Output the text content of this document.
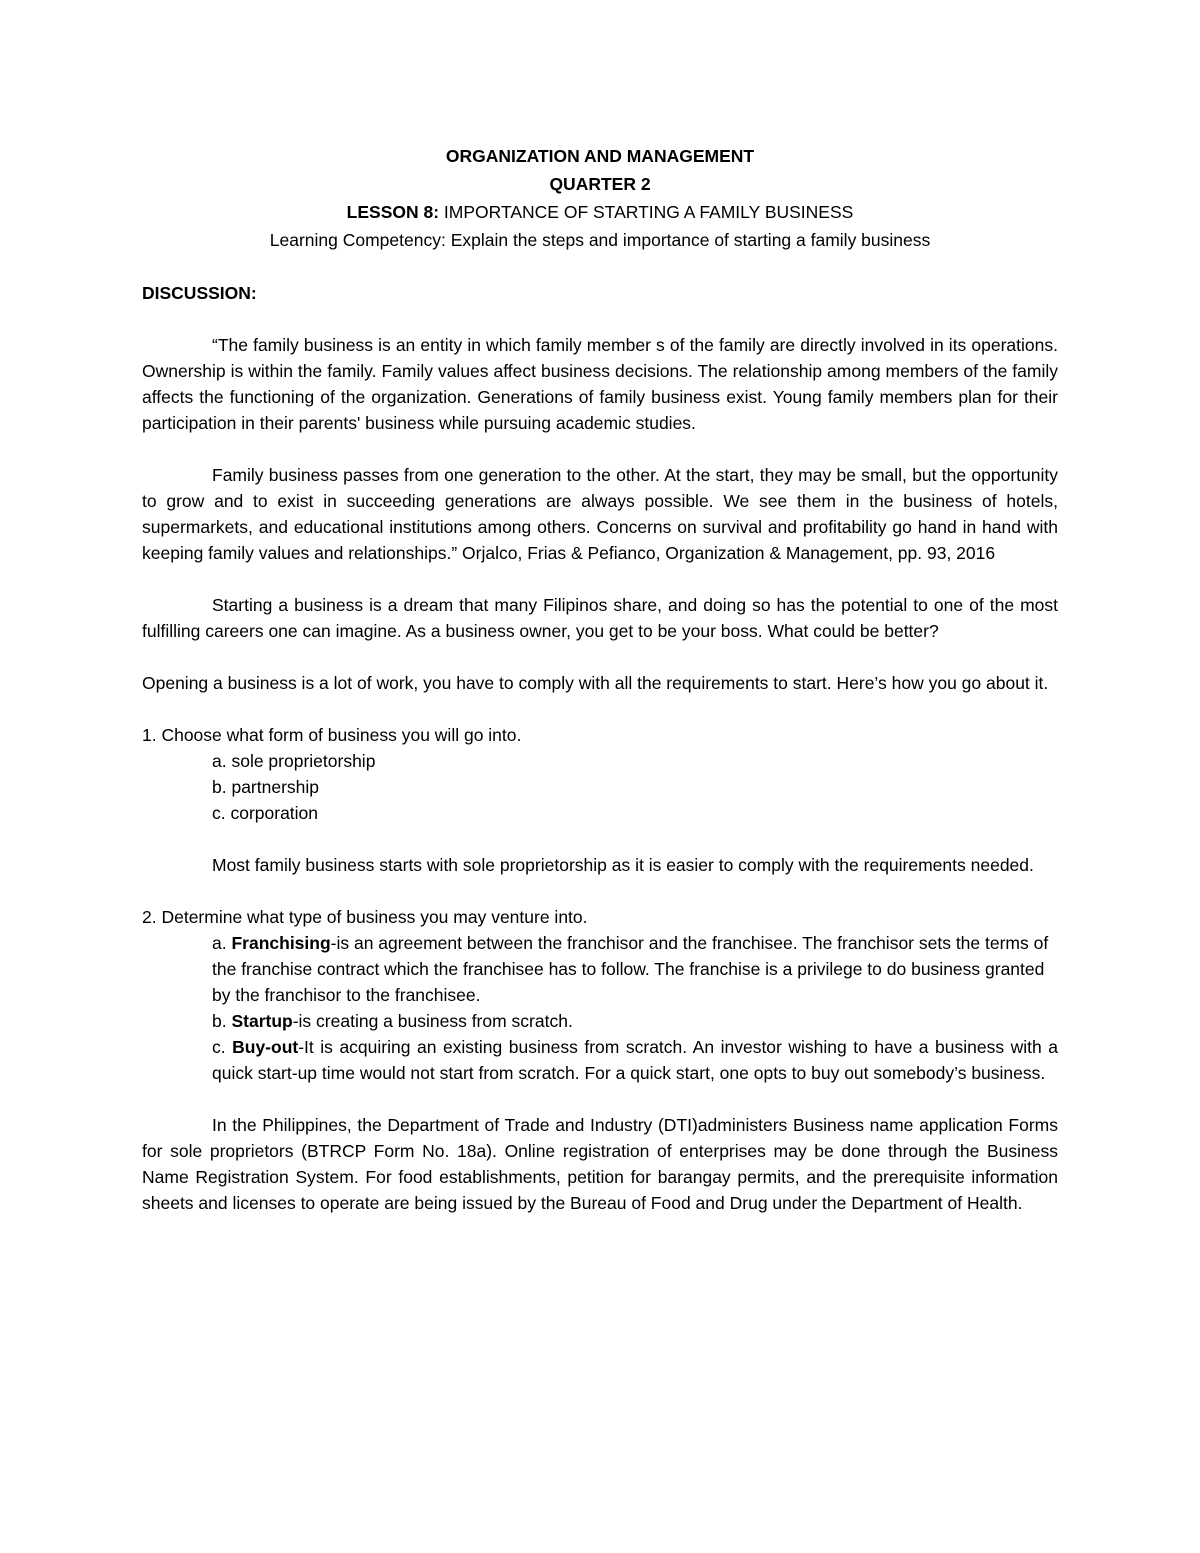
ORGANIZATION AND MANAGEMENT

QUARTER 2

LESSON 8: IMPORTANCE OF STARTING A FAMILY BUSINESS

Learning Competency: Explain the steps and importance of starting a family business

DISCUSSION:

“The family business is an entity in which family member s of the family are directly involved in its operations. Ownership is within the family. Family values affect business decisions. The relationship among members of the family affects the functioning of the organization. Generations of family business exist. Young family members plan for their participation in their parents' business while pursuing academic studies.

Family business passes from one generation to the other. At the start, they may be small, but the opportunity to grow and to exist in succeeding generations are always possible. We see them in the business of hotels, supermarkets, and educational institutions among others. Concerns on survival and profitability go hand in hand with keeping family values and relationships.” Orjalco, Frias & Pefianco, Organization & Management, pp. 93, 2016

Starting a business is a dream that many Filipinos share, and doing so has the potential to one of the most fulfilling careers one can imagine. As a business owner, you get to be your boss. What could be better?

Opening a business is a lot of work, you have to comply with all the requirements to start. Here’s how you go about it.

1. Choose what form of business you will go into.

a. sole proprietorship

b. partnership

c. corporation

Most family business starts with sole proprietorship as it is easier to comply with the requirements needed.

2. Determine what type of business you may venture into.

a. Franchising-is an agreement between the franchisor and the franchisee. The franchisor sets the terms of the franchise contract which the franchisee has to follow. The franchise is a privilege to do business granted by the franchisor to the franchisee.

b. Startup-is creating a business from scratch.

c. Buy-out-It is acquiring an existing business from scratch. An investor wishing to have a business with a quick start-up time would not start from scratch. For a quick start, one opts to buy out somebody’s business.

In the Philippines, the Department of Trade and Industry (DTI)administers Business name application Forms for sole proprietors (BTRCP Form No. 18a). Online registration of enterprises may be done through the Business Name Registration System. For food establishments, petition for barangay permits, and the prerequisite information sheets and licenses to operate are being issued by the Bureau of Food and Drug under the Department of Health.
